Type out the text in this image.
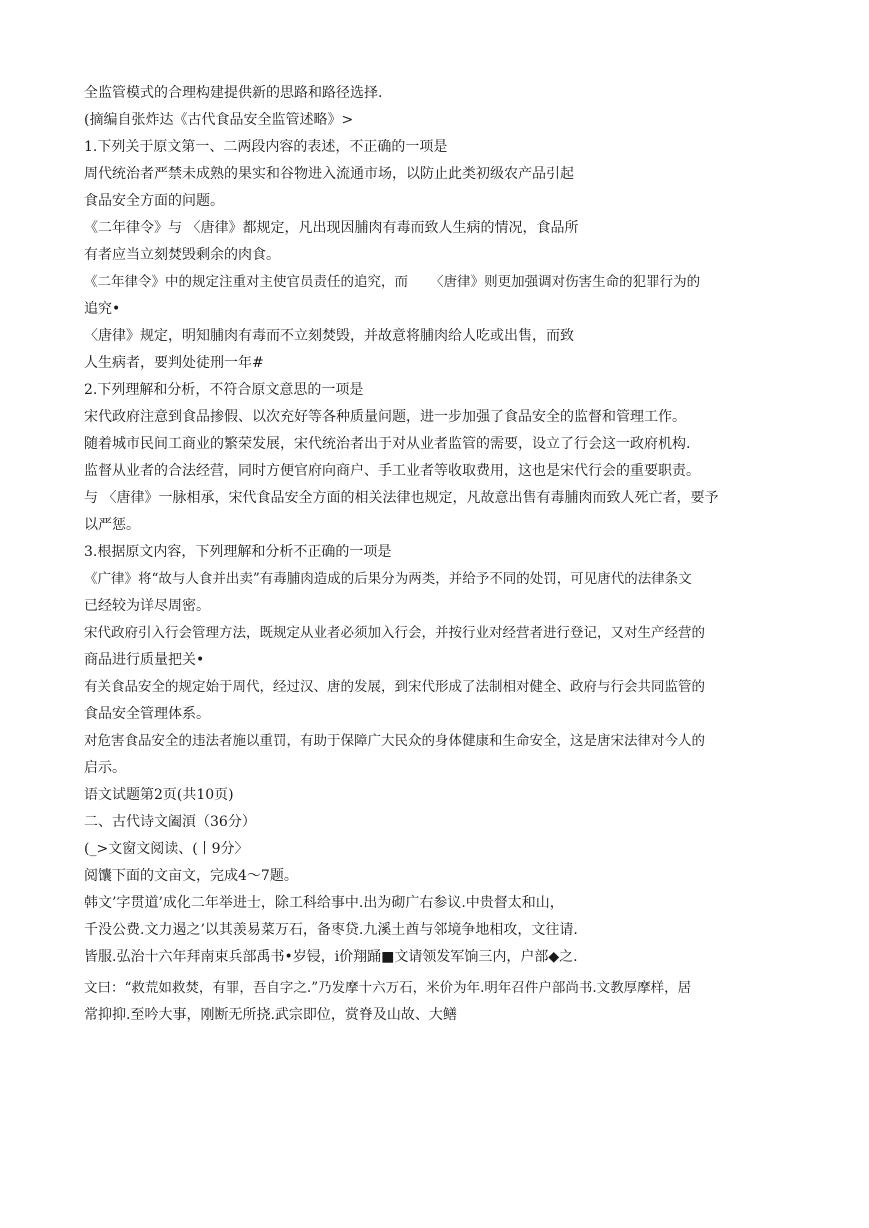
全监管模式的合理构建提供新的思路和路径选择.
(摘编自张炸达《古代食品安全监管述略》>
1.下列关于原文第一、二两段内容的表述，不正确的一项是
周代统治者严禁未成熟的果实和谷物进入流通市场，以防止此类初级农产品引起
食品安全方面的问题。
《二年律令》与 〈唐律》都规定，凡出现因脯肉有毒而致人生病的情况，食品所
有者应当立刻焚毁剩余的肉食。
《二年律令》中的规定注重对主使官员责任的追究，而 　 〈唐律》则更加强调对伤害生命的犯罪行为的
追究•
〈唐律》规定，明知脯肉有毒而不立刻焚毁，并故意将脯肉给人吃或出售，而致
人生病者，要判处徒刑一年#
2.下列理解和分析，不符合原文意思的一项是
宋代政府注意到食品掺假、以次充好等各种质量问题，进一步加强了食品安全的监督和管理工作。
随着城市民间工商业的繁荣发展，宋代统治者出于对从业者监管的需要，设立了行会这一政府机构.
监督从业者的合法经营，同时方便官府向商户、手工业者等收取费用，这也是宋代行会的重要职责。
与 〈唐律》一脉相承，宋代食品安全方面的相关法律也规定，凡故意出售有毒脯肉而致人死亡者，要予
以严惩。
3.根据原文内容，下列理解和分析不正确的一项是
《广律》将“故与人食并出卖”有毒脯肉造成的后果分为两类，并给予不同的处罚，可见唐代的法律条文
已经较为详尽周密。
宋代政府引入行会管理方法，既规定从业者必须加入行会，并按行业对经营者进行登记，又对生产经营的
商品进行质量把关•
有关食品安全的规定始于周代，经过汉、唐的发展，到宋代形成了法制相对健全、政府与行会共同监管的
食品安全管理体系。
对危害食品安全的违法者施以重罚，有助于保障广大民众的身体健康和生命安全，这是唐宋法律对今人的
启示。
语文试题第2页(共10页)
二、古代诗文阖湏（36分）
(_>文窗文阅读、(丨9分〉
阅馕下面的文亩文，完成4〜7题。
韩文’字贯道’成化二年举进士，除工科给事中.出为砌广右参议.中贵督太和山，
千没公费.文力遏之’以其羡易菜万石，备枣贷.九溪土酋与邻境争地相攻，文往请.
皆服.弘治十六年拜南束兵部禹书•岁锓，i价翔踊■文请领发军饷三内，户部◆之.
文曰：“救荒如救焚，有罪，吾自字之.”乃发摩十六万石，米价为年.明年召件户部尚书.文教厚摩样，居
常抑抑.至吟大事，刚断无所挠.武宗即位，赏脊及山故、大鳝
